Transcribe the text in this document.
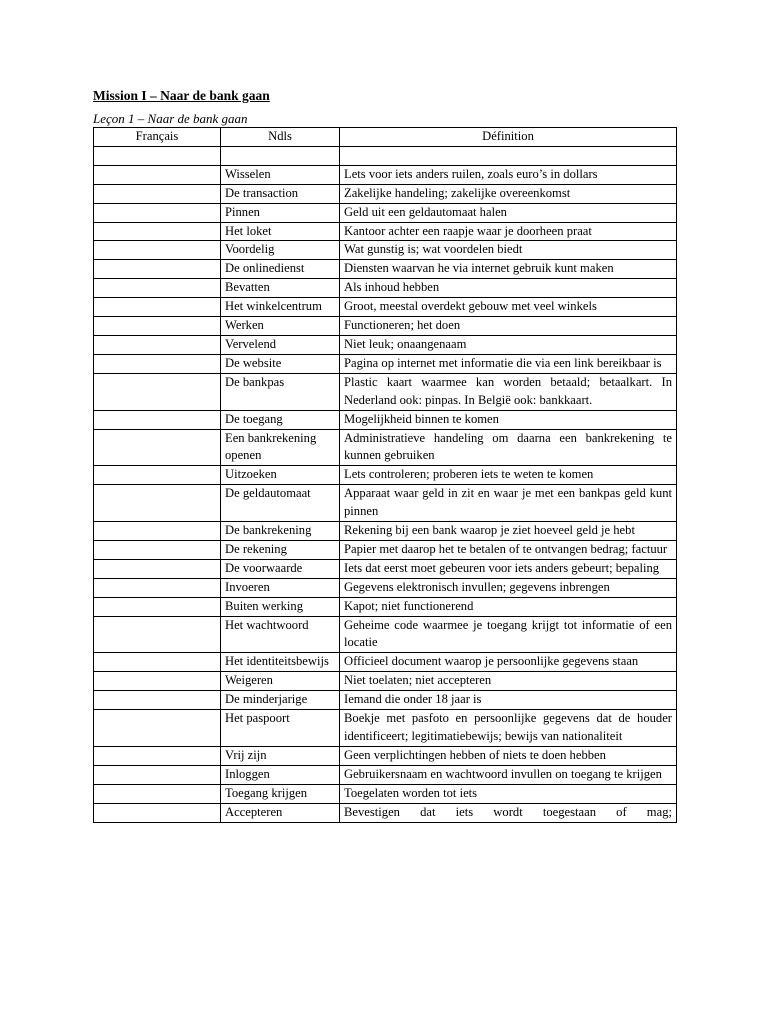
Mission I – Naar de bank gaan

Leçon 1 – Naar de bank gaan

Français	Ndls	Définition

	Wisselen	Lets voor iets anders ruilen, zoals euro’s in dollars
	De transaction	Zakelijke handeling; zakelijke overeenkomst
	Pinnen	Geld uit een geldautomaat halen
	Het loket	Kantoor achter een raapje waar je doorheen praat
	Voordelig	Wat gunstig is; wat voordelen biedt
	De onlinedienst	Diensten waarvan he via internet gebruik kunt maken
	Bevatten	Als inhoud hebben
	Het winkelcentrum	Groot, meestal overdekt gebouw met veel winkels
	Werken	Functioneren; het doen
	Vervelend	Niet leuk; onaangenaam
	De website	Pagina op internet met informatie die via een link bereikbaar is
	De bankpas	Plastic kaart waarmee kan worden betaald; betaalkart. In Nederland ook: pinpas. In België ook: bankkaart.
	De toegang	Mogelijkheid binnen te komen
	Een bankrekening openen	Administratieve handeling om daarna een bankrekening te kunnen gebruiken
	Uitzoeken	Lets controleren; proberen iets te weten te komen
	De geldautomaat	Apparaat waar geld in zit en waar je met een bankpas geld kunt pinnen
	De bankrekening	Rekening bij een bank waarop je ziet hoeveel geld je hebt
	De rekening	Papier met daarop het te betalen of te ontvangen bedrag; factuur
	De voorwaarde	Iets dat eerst moet gebeuren voor iets anders gebeurt; bepaling
	Invoeren	Gegevens elektronisch invullen; gegevens inbrengen
	Buiten werking	Kapot; niet functionerend
	Het wachtwoord	Geheime code waarmee je toegang krijgt tot informatie of een locatie
	Het identiteitsbewijs	Officieel document waarop je persoonlijke gegevens staan
	Weigeren	Niet toelaten; niet accepteren
	De minderjarige	Iemand die onder 18 jaar is
	Het paspoort	Boekje met pasfoto en persoonlijke gegevens dat de houder identificeert; legitimatiebewijs; bewijs van nationaliteit
	Vrij zijn	Geen verplichtingen hebben of niets te doen hebben
	Inloggen	Gebruikersnaam en wachtwoord invullen on toegang te krijgen
	Toegang krijgen	Toegelaten worden tot iets
	Accepteren	Bevestigen dat iets wordt toegestaan of mag;
